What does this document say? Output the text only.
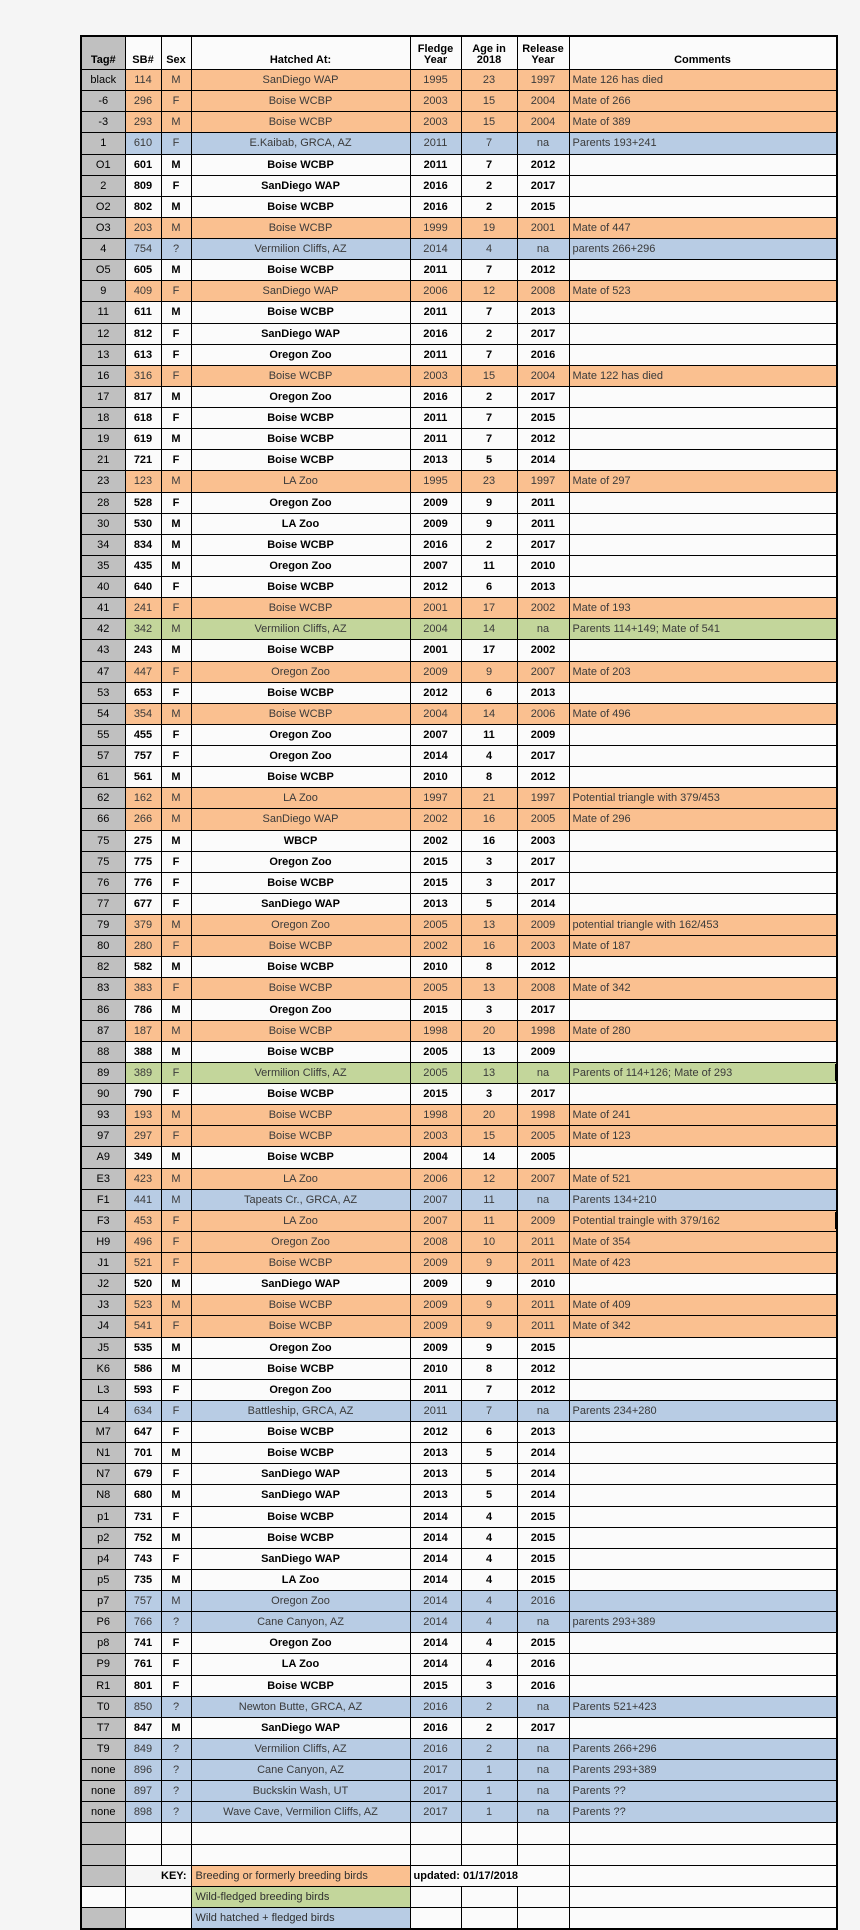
Tag#	SB#	Sex	Hatched At:	Fledge Year	Age in 2018	Release Year	Comments
black	114	M	SanDiego WAP	1995	23	1997	Mate 126 has died
-6	296	F	Boise WCBP	2003	15	2004	Mate of 266
-3	293	M	Boise WCBP	2003	15	2004	Mate of 389
1	610	F	E.Kaibab, GRCA, AZ	2011	7	na	Parents 193+241
O1	601	M	Boise WCBP	2011	7	2012	
2	809	F	SanDiego WAP	2016	2	2017	
O2	802	M	Boise WCBP	2016	2	2015	
O3	203	M	Boise WCBP	1999	19	2001	Mate of 447
4	754	?	Vermilion Cliffs, AZ	2014	4	na	parents 266+296
O5	605	M	Boise WCBP	2011	7	2012	
9	409	F	SanDiego WAP	2006	12	2008	Mate of 523
11	611	M	Boise WCBP	2011	7	2013	
12	812	F	SanDiego WAP	2016	2	2017	
13	613	F	Oregon Zoo	2011	7	2016	
16	316	F	Boise WCBP	2003	15	2004	Mate 122 has died
17	817	M	Oregon Zoo	2016	2	2017	
18	618	F	Boise WCBP	2011	7	2015	
19	619	M	Boise WCBP	2011	7	2012	
21	721	F	Boise WCBP	2013	5	2014	
23	123	M	LA Zoo	1995	23	1997	Mate of 297
28	528	F	Oregon Zoo	2009	9	2011	
30	530	M	LA Zoo	2009	9	2011	
34	834	M	Boise WCBP	2016	2	2017	
35	435	M	Oregon Zoo	2007	11	2010	
40	640	F	Boise WCBP	2012	6	2013	
41	241	F	Boise WCBP	2001	17	2002	Mate of 193
42	342	M	Vermilion Cliffs, AZ	2004	14	na	Parents 114+149; Mate of 541
43	243	M	Boise WCBP	2001	17	2002	
47	447	F	Oregon Zoo	2009	9	2007	Mate of 203
53	653	F	Boise WCBP	2012	6	2013	
54	354	M	Boise WCBP	2004	14	2006	Mate of 496
55	455	F	Oregon Zoo	2007	11	2009	
57	757	F	Oregon Zoo	2014	4	2017	
61	561	M	Boise WCBP	2010	8	2012	
62	162	M	LA Zoo	1997	21	1997	Potential triangle with 379/453
66	266	M	SanDiego WAP	2002	16	2005	Mate of 296
75	275	M	WBCP	2002	16	2003	
75	775	F	Oregon Zoo	2015	3	2017	
76	776	F	Boise WCBP	2015	3	2017	
77	677	F	SanDiego WAP	2013	5	2014	
79	379	M	Oregon Zoo	2005	13	2009	potential triangle with 162/453
80	280	F	Boise WCBP	2002	16	2003	Mate of 187
82	582	M	Boise WCBP	2010	8	2012	
83	383	F	Boise WCBP	2005	13	2008	Mate of 342
86	786	M	Oregon Zoo	2015	3	2017	
87	187	M	Boise WCBP	1998	20	1998	Mate of 280
88	388	M	Boise WCBP	2005	13	2009	
89	389	F	Vermilion Cliffs, AZ	2005	13	na	Parents of 114+126; Mate of 293
90	790	F	Boise WCBP	2015	3	2017	
93	193	M	Boise WCBP	1998	20	1998	Mate of 241
97	297	F	Boise WCBP	2003	15	2005	Mate of 123
A9	349	M	Boise WCBP	2004	14	2005	
E3	423	M	LA Zoo	2006	12	2007	Mate of 521
F1	441	M	Tapeats Cr., GRCA, AZ	2007	11	na	Parents 134+210
F3	453	F	LA Zoo	2007	11	2009	Potential traingle with 379/162
H9	496	F	Oregon Zoo	2008	10	2011	Mate of 354
J1	521	F	Boise WCBP	2009	9	2011	Mate of 423
J2	520	M	SanDiego WAP	2009	9	2010	
J3	523	M	Boise WCBP	2009	9	2011	Mate of 409
J4	541	F	Boise WCBP	2009	9	2011	Mate of 342
J5	535	M	Oregon Zoo	2009	9	2015	
K6	586	M	Boise WCBP	2010	8	2012	
L3	593	F	Oregon Zoo	2011	7	2012	
L4	634	F	Battleship, GRCA, AZ	2011	7	na	Parents 234+280
M7	647	F	Boise WCBP	2012	6	2013	
N1	701	M	Boise WCBP	2013	5	2014	
N7	679	F	SanDiego WAP	2013	5	2014	
N8	680	M	SanDiego WAP	2013	5	2014	
p1	731	F	Boise WCBP	2014	4	2015	
p2	752	M	Boise WCBP	2014	4	2015	
p4	743	F	SanDiego WAP	2014	4	2015	
p5	735	M	LA Zoo	2014	4	2015	
p7	757	M	Oregon Zoo	2014	4	2016	
P6	766	?	Cane Canyon, AZ	2014	4	na	parents 293+389
p8	741	F	Oregon Zoo	2014	4	2015	
P9	761	F	LA Zoo	2014	4	2016	
R1	801	F	Boise WCBP	2015	3	2016	
T0	850	?	Newton Butte, GRCA, AZ	2016	2	na	Parents 521+423
T7	847	M	SanDiego WAP	2016	2	2017	
T9	849	?	Vermilion Cliffs, AZ	2016	2	na	Parents 266+296
none	896	?	Cane Canyon, AZ	2017	1	na	Parents 293+389
none	897	?	Buckskin Wash, UT	2017	1	na	Parents ??
none	898	?	Wave Cave, Vermilion Cliffs, AZ	2017	1	na	Parents ??

	KEY:		Breeding or formerly breeding birds	updated: 01/17/2018			
			Wild-fledged breeding birds				
			Wild hatched + fledged birds				
